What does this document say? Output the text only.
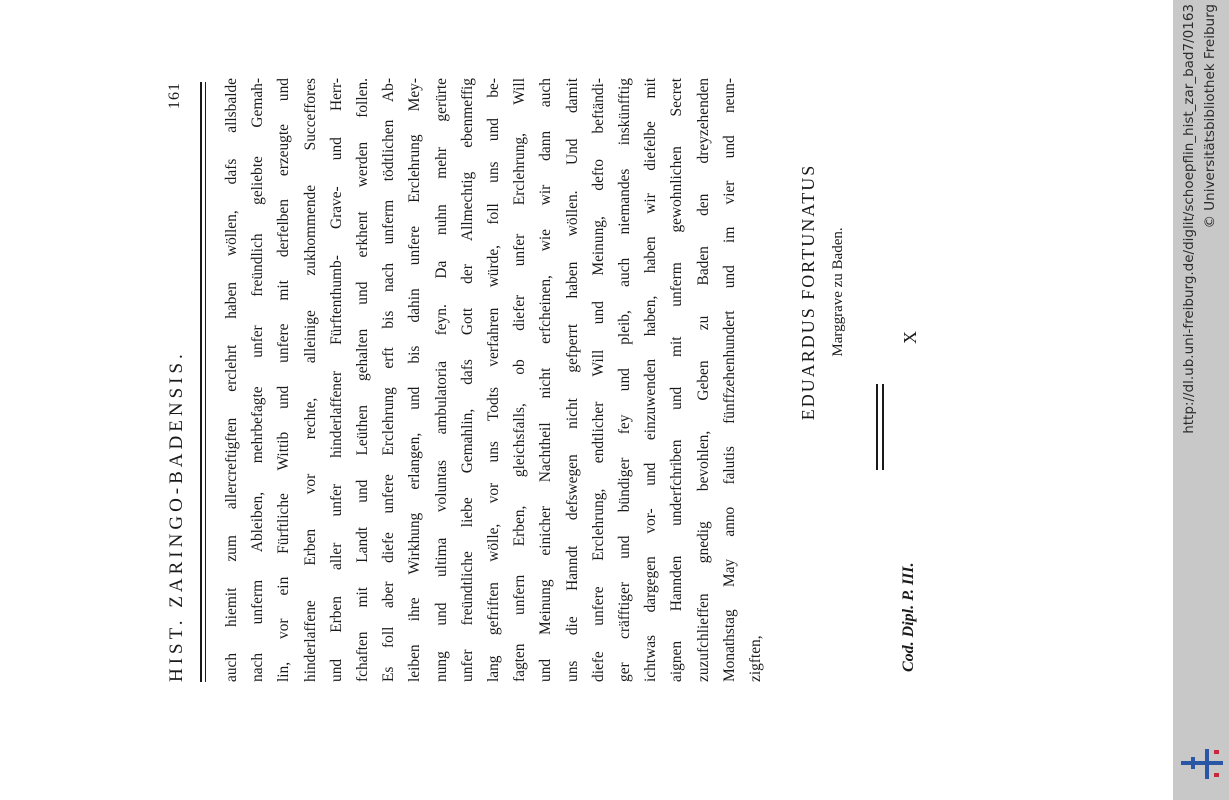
HIST. ZARINGO-BADENSIS.
161	auch hiemit zum allercreftigften erclehrt haben wöllen, dafs allsbalde nach unferm Ableiben, mehrbefagte unfer freündlich geliebte Gemah- lin, vor ein Fürftliche Wittib und unfere mit derfelben erzeugte und hinderlaffene Erben vor rechte, alleinige zukhommende Succeffores und Erben aller unfer hinderlaffener Fürftenthumb- Grave- und Herr- fchaften mit Landt und Leüthen gehalten und erkhent werden follen. Es foll aber diefe unfere Erclehrung erft bis nach unferm tödtlichen Ab- leiben ihre Wirkhung erlangen, und bis dahin unfere Erclehrung Mey- nung und ultima voluntas ambulatoria feyn. Da nuhn mehr gerürte unfer freündtliche liebe Gemahlin, dafs Gott der Allmechtig ebenmeffig lang gefriften wölle, vor uns Todts verfahren würde, foll uns und be- fagten unfern Erben, gleichsfalls, ob diefer unfer Erclehrung, Will und Meinung einicher Nachtheil nicht erfcheinen, wie wir dann auch uns die Hanndt defswegen nicht gefperrt haben wöllen. Und damit diefe unfere Erclehrung, endtlicher Will und Meinung, defto beftändi- ger cräfftiger und bündiger fey und pleib, auch niemandes inskünfftig ichtwas dargegen vor- und einzuwenden haben, haben wir diefelbe mit aignen Hannden underfchriben und mit unferm gewohnlichen Secret zuzufchlieffen gnedig bevohlen, Geben zu Baden den dreyzehenden Monathstag May anno falutis fünffzehenhundert und im vier und neun- zigften,
EDUARDUS FORTUNATUS Marggrave zu Baden.	X
Cod. Dipl. P. III.
http://dl.ub.uni-freiburg.de/diglit/schoepflin_hist_zar_bad7/0163 © Universitätsbibliothek Freiburg
